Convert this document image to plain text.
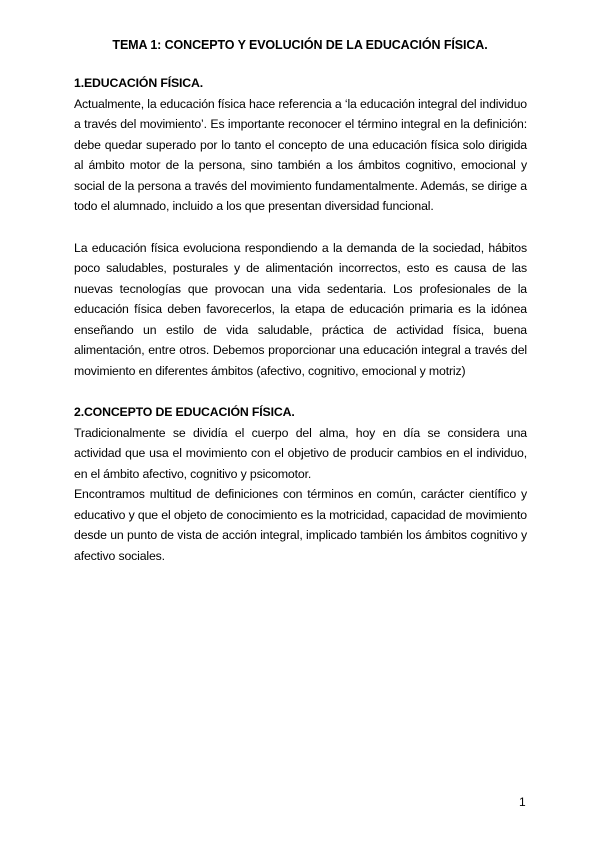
TEMA 1: CONCEPTO Y EVOLUCIÓN DE LA EDUCACIÓN FÍSICA.

1.EDUCACIÓN FÍSICA.

Actualmente, la educación física hace referencia a ‘la educación integral del individuo a través del movimiento’. Es importante reconocer el término integral en la definición: debe quedar superado por lo tanto el concepto de una educación física solo dirigida al ámbito motor de la persona, sino también a los ámbitos cognitivo, emocional y social de la persona a través del movimiento fundamentalmente. Además, se dirige a todo el alumnado, incluido a los que presentan diversidad funcional.

La educación física evoluciona respondiendo a la demanda de la sociedad, hábitos poco saludables, posturales y de alimentación incorrectos, esto es causa de las nuevas tecnologías que provocan una vida sedentaria. Los profesionales de la educación física deben favorecerlos, la etapa de educación primaria es la idónea enseñando un estilo de vida saludable, práctica de actividad física, buena alimentación, entre otros. Debemos proporcionar una educación integral a través del movimiento en diferentes ámbitos (afectivo, cognitivo, emocional y motriz)

2.CONCEPTO DE EDUCACIÓN FÍSICA.

Tradicionalmente se dividía el cuerpo del alma, hoy en día se considera una actividad que usa el movimiento con el objetivo de producir cambios en el individuo, en el ámbito afectivo, cognitivo y psicomotor.

Encontramos multitud de definiciones con términos en común, carácter científico y educativo y que el objeto de conocimiento es la motricidad, capacidad de movimiento desde un punto de vista de acción integral, implicado también los ámbitos cognitivo y afectivo sociales.

1
